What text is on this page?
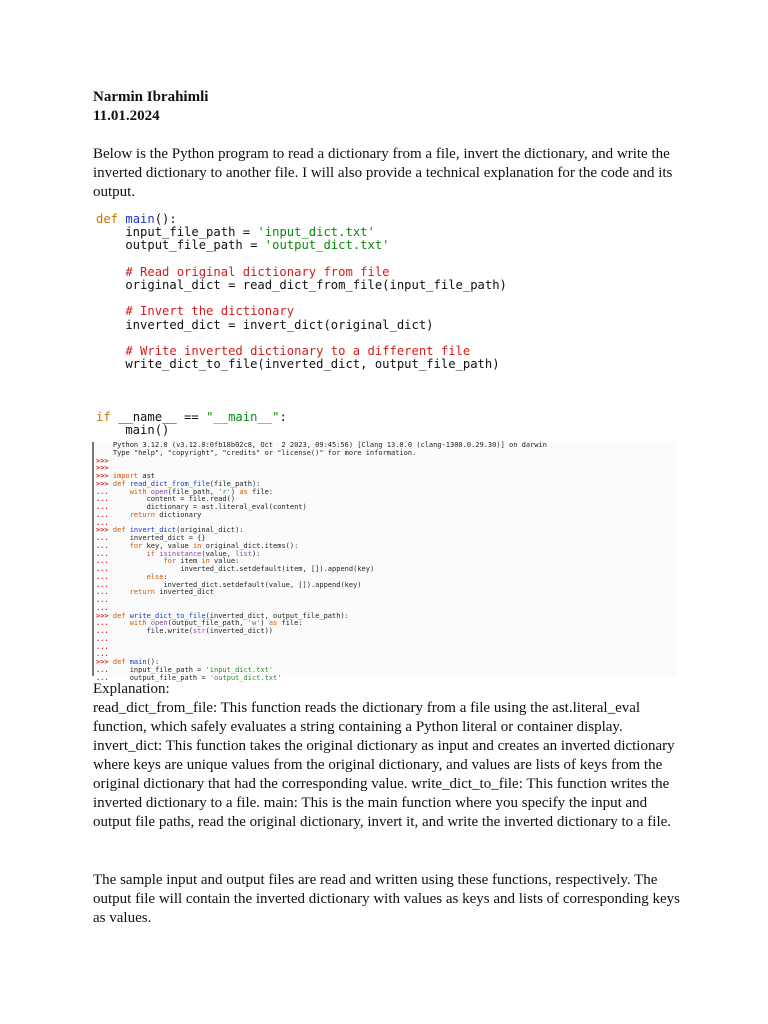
Narmin Ibrahimli
11.01.2024
Below is the Python program to read a dictionary from a file, invert the dictionary, and write the inverted dictionary to another file. I will also provide a technical explanation for the code and its output.
def main():
input_file_path = 'input_dict.txt'
output_file_path = 'output_dict.txt'
# Read original dictionary from file
original_dict = read_dict_from_file(input_file_path)
# Invert the dictionary
inverted_dict = invert_dict(original_dict)
# Write inverted dictionary to a different file
write_dict_to_file(inverted_dict, output_file_path)
if __name__ == "__main__":
main()
Python 3.12.0 (v3.12.0:0fb18b02c8, Oct  2 2023, 09:45:56) [Clang 13.0.0 (clang-1300.0.29.30)] on darwin
Type "help", "copyright", "credits" or "license()" for more information.
>>>
>>>
>>> import ast
>>> def read_dict_from_file(file_path):
...     with open(file_path, 'r') as file:
...         content = file.read()
...         dictionary = ast.literal_eval(content)
...     return dictionary
...
>>> def invert_dict(original_dict):
...     inverted_dict = {}
...     for key, value in original_dict.items():
...         if isinstance(value, list):
...             for item in value:
...                 inverted_dict.setdefault(item, []).append(key)
...         else:
...             inverted_dict.setdefault(value, []).append(key)
...     return inverted_dict
...
...
>>> def write_dict_to_file(inverted_dict, output_file_path):
...     with open(output_file_path, 'w') as file:
...         file.write(str(inverted_dict))
...
...
...
>>> def main():
...     input_file_path = 'input_dict.txt'
...     output_file_path = 'output_dict.txt'
Explanation:
read_dict_from_file: This function reads the dictionary from a file using the ast.literal_eval function, which safely evaluates a string containing a Python literal or container display. invert_dict: This function takes the original dictionary as input and creates an inverted dictionary where keys are unique values from the original dictionary, and values are lists of keys from the original dictionary that had the corresponding value. write_dict_to_file: This function writes the inverted dictionary to a file. main: This is the main function where you specify the input and output file paths, read the original dictionary, invert it, and write the inverted dictionary to a file.
The sample input and output files are read and written using these functions, respectively. The output file will contain the inverted dictionary with values as keys and lists of corresponding keys as values.
